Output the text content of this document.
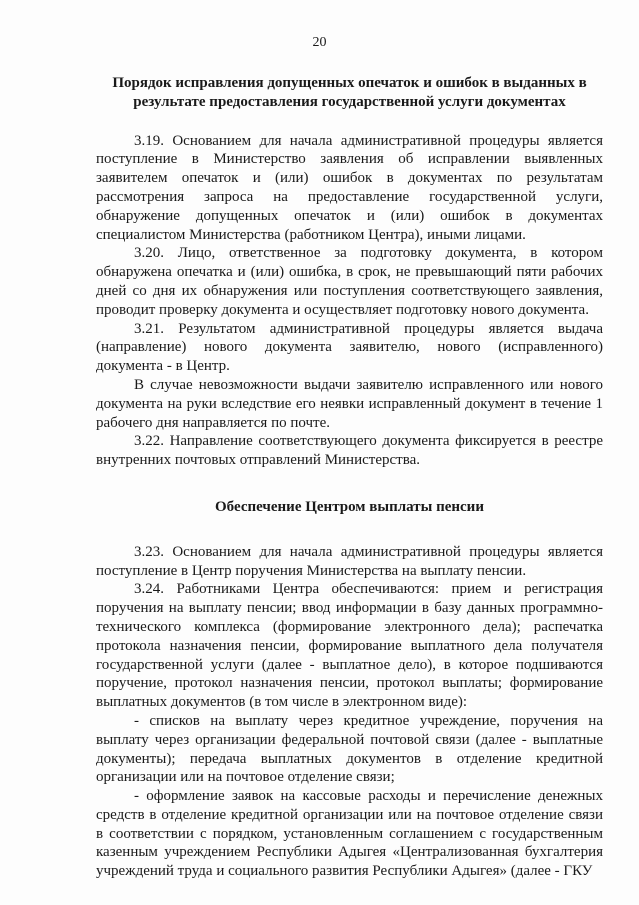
20
Порядок исправления допущенных опечаток и ошибок в выданных в результате предоставления государственной услуги документах

3.19. Основанием для начала административной процедуры является поступление в Министерство заявления об исправлении выявленных заявителем опечаток и (или) ошибок в документах по результатам рассмотрения запроса на предоставление государственной услуги, обнаружение допущенных опечаток и (или) ошибок в документах специалистом Министерства (работником Центра), иными лицами.

3.20. Лицо, ответственное за подготовку документа, в котором обнаружена опечатка и (или) ошибка, в срок, не превышающий пяти рабочих дней со дня их обнаружения или поступления соответствующего заявления, проводит проверку документа и осуществляет подготовку нового документа.

3.21. Результатом административной процедуры является выдача (направление) нового документа заявителю, нового (исправленного) документа - в Центр.

В случае невозможности выдачи заявителю исправленного или нового документа на руки вследствие его неявки исправленный документ в течение 1 рабочего дня направляется по почте.

3.22. Направление соответствующего документа фиксируется в реестре внутренних почтовых отправлений Министерства.

Обеспечение Центром выплаты пенсии

3.23. Основанием для начала административной процедуры является поступление в Центр поручения Министерства на выплату пенсии.

3.24. Работниками Центра обеспечиваются: прием и регистрация поручения на выплату пенсии; ввод информации в базу данных программно-технического комплекса (формирование электронного дела); распечатка протокола назначения пенсии, формирование выплатного дела получателя государственной услуги (далее - выплатное дело), в которое подшиваются поручение, протокол назначения пенсии, протокол выплаты; формирование выплатных документов (в том числе в электронном виде):

- списков на выплату через кредитное учреждение, поручения на выплату через организации федеральной почтовой связи (далее - выплатные документы); передача выплатных документов в отделение кредитной организации или на почтовое отделение связи;

- оформление заявок на кассовые расходы и перечисление денежных средств в отделение кредитной организации или на почтовое отделение связи в соответствии с порядком, установленным соглашением с государственным казенным учреждением Республики Адыгея «Централизованная бухгалтерия учреждений труда и социального развития Республики Адыгея» (далее - ГКУ
